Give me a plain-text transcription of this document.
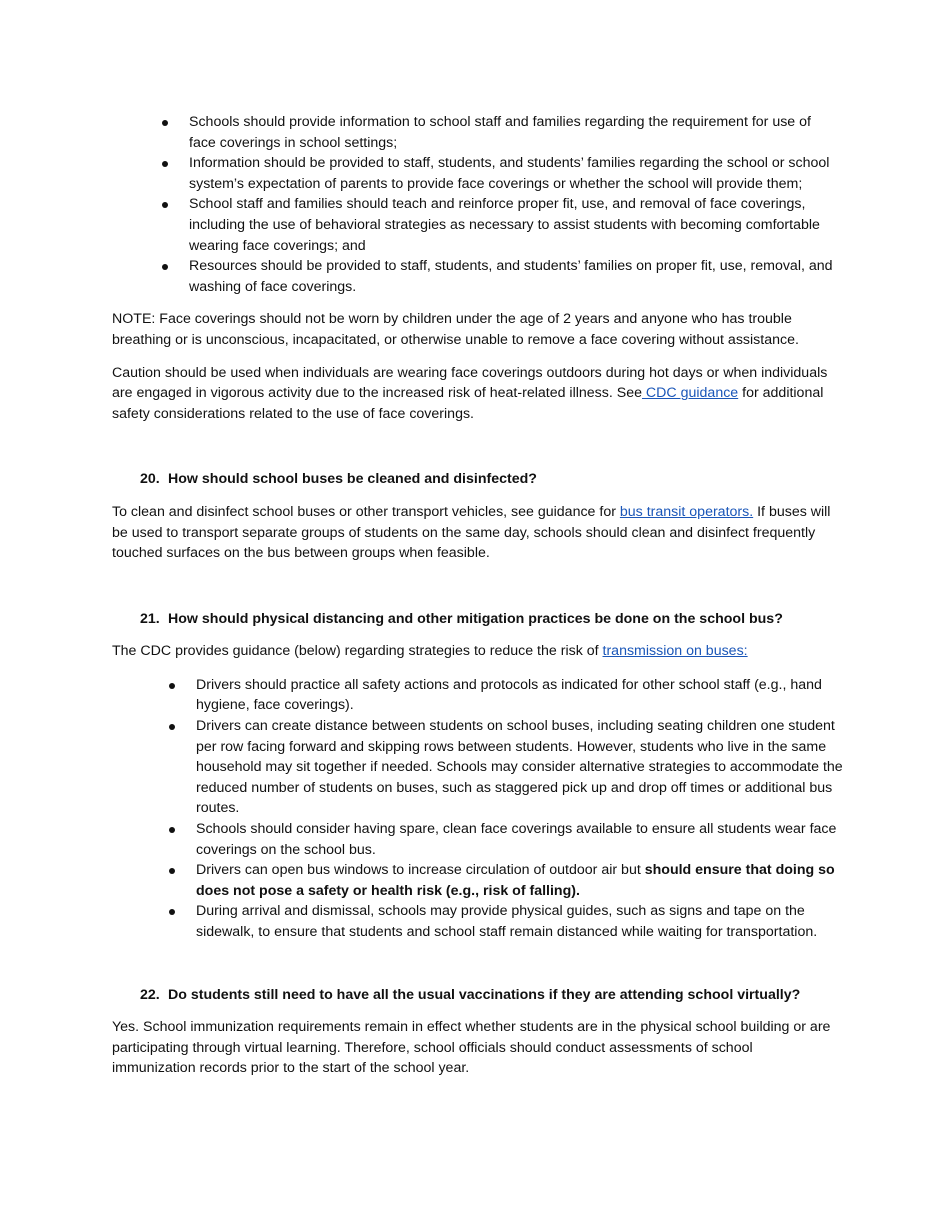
Schools should provide information to school staff and families regarding the requirement for use of face coverings in school settings;
Information should be provided to staff, students, and students’ families regarding the school or school system’s expectation of parents to provide face coverings or whether the school will provide them;
School staff and families should teach and reinforce proper fit, use, and removal of face coverings, including the use of behavioral strategies as necessary to assist students with becoming comfortable wearing face coverings; and
Resources should be provided to staff, students, and students’ families on proper fit, use, removal, and washing of face coverings.

NOTE: Face coverings should not be worn by children under the age of 2 years and anyone who has trouble breathing or is unconscious, incapacitated, or otherwise unable to remove a face covering without assistance.

Caution should be used when individuals are wearing face coverings outdoors during hot days or when individuals are engaged in vigorous activity due to the increased risk of heat-related illness. See CDC guidance for additional safety considerations related to the use of face coverings.

20. How should school buses be cleaned and disinfected?

To clean and disinfect school buses or other transport vehicles, see guidance for bus transit operators. If buses will be used to transport separate groups of students on the same day, schools should clean and disinfect frequently touched surfaces on the bus between groups when feasible.

21. How should physical distancing and other mitigation practices be done on the school bus?

The CDC provides guidance (below) regarding strategies to reduce the risk of transmission on buses:

Drivers should practice all safety actions and protocols as indicated for other school staff (e.g., hand hygiene, face coverings).
Drivers can create distance between students on school buses, including seating children one student per row facing forward and skipping rows between students. However, students who live in the same household may sit together if needed. Schools may consider alternative strategies to accommodate the reduced number of students on buses, such as staggered pick up and drop off times or additional bus routes.
Schools should consider having spare, clean face coverings available to ensure all students wear face coverings on the school bus.
Drivers can open bus windows to increase circulation of outdoor air but should ensure that doing so does not pose a safety or health risk (e.g., risk of falling).
During arrival and dismissal, schools may provide physical guides, such as signs and tape on the sidewalk, to ensure that students and school staff remain distanced while waiting for transportation.
22. Do students still need to have all the usual vaccinations if they are attending school virtually?

Yes. School immunization requirements remain in effect whether students are in the physical school building or are participating through virtual learning. Therefore, school officials should conduct assessments of school immunization records prior to the start of the school year.
